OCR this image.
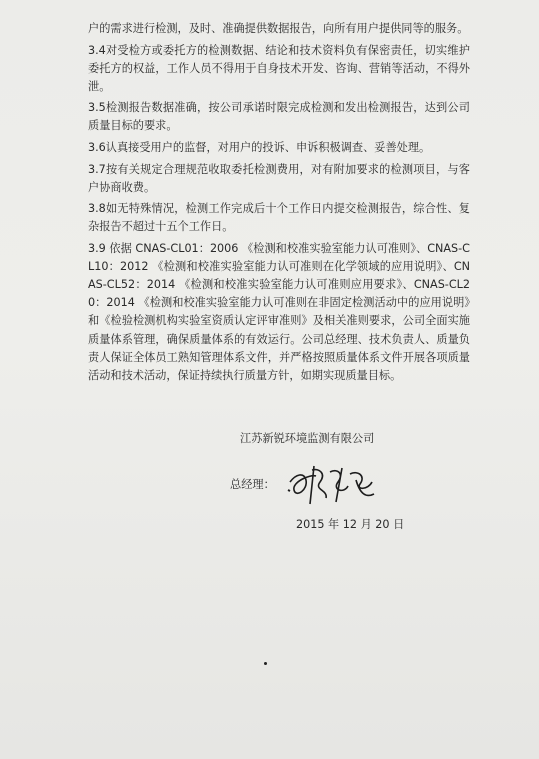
户的需求进行检测，及时、准确提供数据报告，向所有用户提供同等的服务。

3.4对受检方或委托方的检测数据、结论和技术资料负有保密责任，切实维护委托方的权益，工作人员不得用于自身技术开发、咨询、营销等活动，不得外泄。

3.5检测报告数据准确，按公司承诺时限完成检测和发出检测报告，达到公司质量目标的要求。

3.6认真接受用户的监督，对用户的投诉、申诉积极调查、妥善处理。

3.7按有关规定合理规范收取委托检测费用，对有附加要求的检测项目，与客户协商收费。

3.8如无特殊情况，检测工作完成后十个工作日内提交检测报告，综合性、复杂报告不超过十五个工作日。

3.9 依据 CNAS-CL01：2006 《检测和校准实验室能力认可准则》、CNAS-CL10：2012 《检测和校准实验室能力认可准则在化学领域的应用说明》、CNAS-CL52：2014 《检测和校准实验室能力认可准则应用要求》、CNAS-CL20：2014 《检测和校准实验室能力认可准则在非固定检测活动中的应用说明》和《检验检测机构实验室资质认定评审准则》及相关准则要求，公司全面实施质量体系管理，确保质量体系的有效运行。公司总经理、技术负责人、质量负责人保证全体员工熟知管理体系文件，并严格按照质量体系文件开展各项质量活动和技术活动，保证持续执行质量方针，如期实现质量目标。

江苏新锐环境监测有限公司
总经理：
2015 年 12 月 20 日
